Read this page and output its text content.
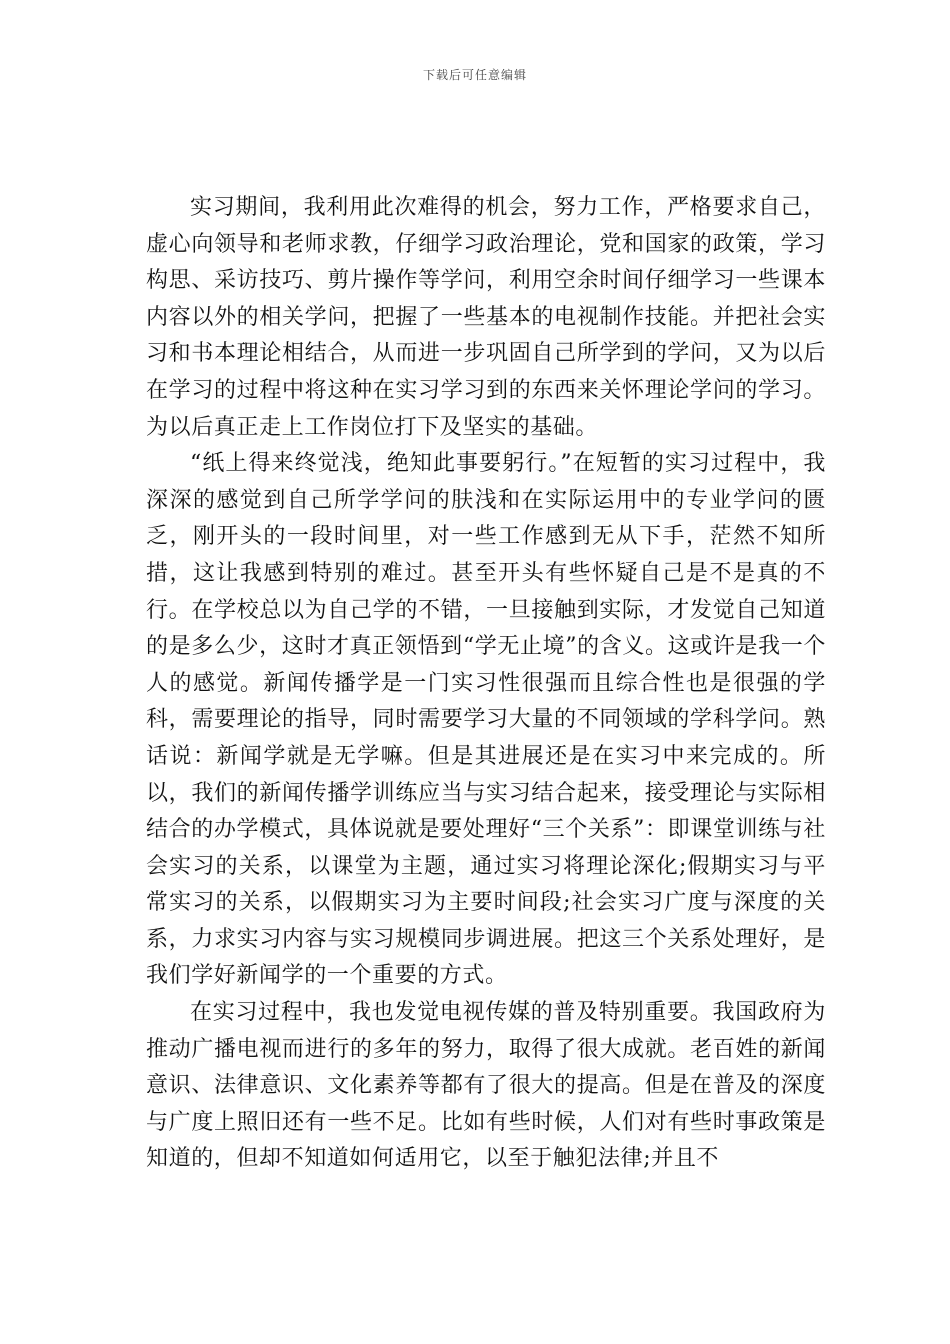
下载后可任意编辑

实习期间，我利用此次难得的机会，努力工作，严格要求自己，虚心向领导和老师求教，仔细学习政治理论，党和国家的政策，学习构思、采访技巧、剪片操作等学问，利用空余时间仔细学习一些课本内容以外的相关学问，把握了一些基本的电视制作技能。并把社会实习和书本理论相结合，从而进一步巩固自己所学到的学问，又为以后在学习的过程中将这种在实习学习到的东西来关怀理论学问的学习。为以后真正走上工作岗位打下及坚实的基础。

“纸上得来终觉浅，绝知此事要躬行。”在短暂的实习过程中，我深深的感觉到自己所学学问的肤浅和在实际运用中的专业学问的匮乏，刚开头的一段时间里，对一些工作感到无从下手，茫然不知所措，这让我感到特别的难过。甚至开头有些怀疑自己是不是真的不行。在学校总以为自己学的不错，一旦接触到实际，才发觉自己知道的是多么少，这时才真正领悟到“学无止境”的含义。这或许是我一个人的感觉。新闻传播学是一门实习性很强而且综合性也是很强的学科，需要理论的指导，同时需要学习大量的不同领域的学科学问。熟话说：新闻学就是无学嘛。但是其进展还是在实习中来完成的。所以，我们的新闻传播学训练应当与实习结合起来，接受理论与实际相结合的办学模式，具体说就是要处理好“三个关系”：即课堂训练与社会实习的关系，以课堂为主题，通过实习将理论深化;假期实习与平常实习的关系，以假期实习为主要时间段;社会实习广度与深度的关系，力求实习内容与实习规模同步调进展。把这三个关系处理好，是我们学好新闻学的一个重要的方式。

在实习过程中，我也发觉电视传媒的普及特别重要。我国政府为推动广播电视而进行的多年的努力，取得了很大成就。老百姓的新闻意识、法律意识、文化素养等都有了很大的提高。但是在普及的深度与广度上照旧还有一些不足。比如有些时候，人们对有些时事政策是知道的，但却不知道如何适用它，以至于触犯法律;并且不
